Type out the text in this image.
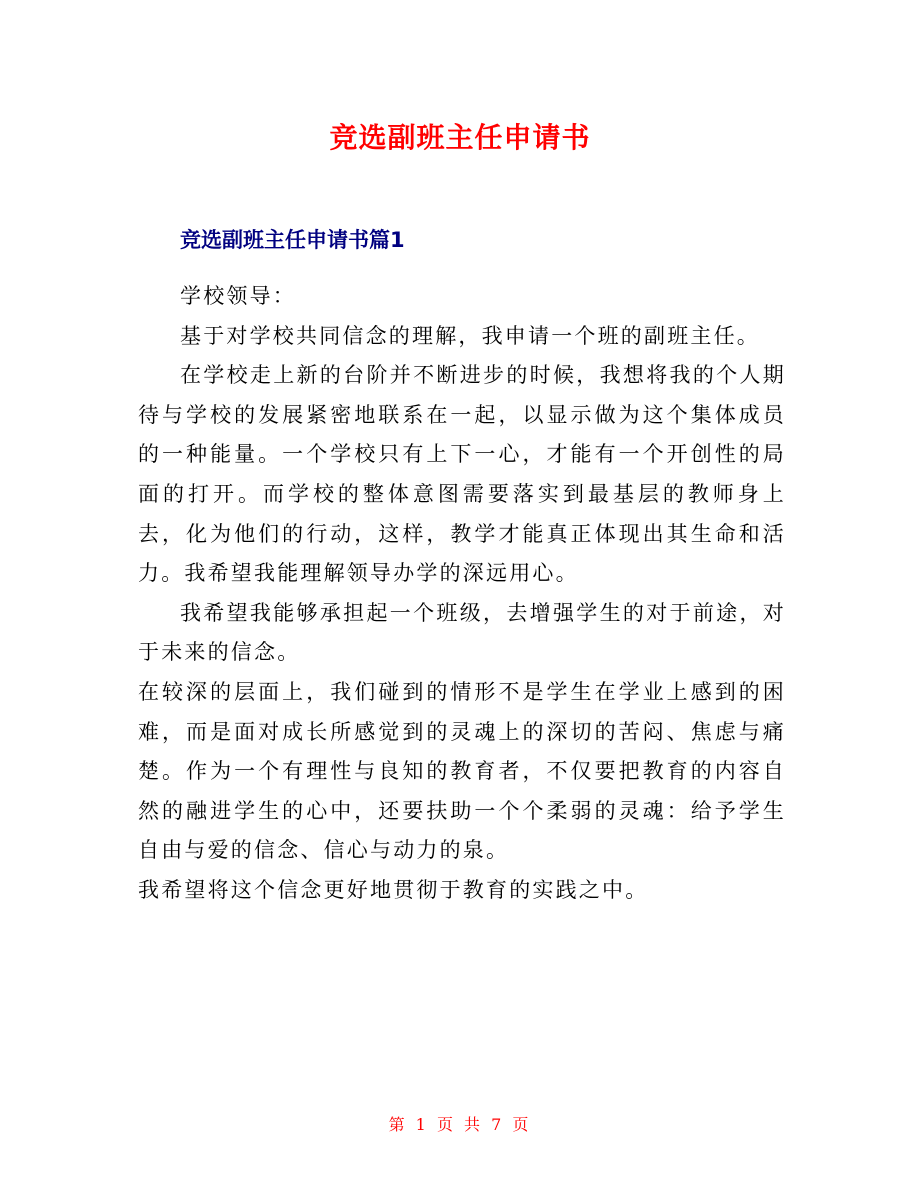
竞选副班主任申请书
竞选副班主任申请书篇1

学校领导：

基于对学校共同信念的理解，我申请一个班的副班主任。

在学校走上新的台阶并不断进步的时候，我想将我的个人期待与学校的发展紧密地联系在一起，以显示做为这个集体成员的一种能量。一个学校只有上下一心，才能有一个开创性的局面的打开。而学校的整体意图需要落实到最基层的教师身上去，化为他们的行动，这样，教学才能真正体现出其生命和活力。我希望我能理解领导办学的深远用心。

我希望我能够承担起一个班级，去增强学生的对于前途，对于未来的信念。

在较深的层面上，我们碰到的情形不是学生在学业上感到的困难，而是面对成长所感觉到的灵魂上的深切的苦闷、焦虑与痛楚。作为一个有理性与良知的教育者，不仅要把教育的内容自然的融进学生的心中，还要扶助一个个柔弱的灵魂：给予学生自由与爱的信念、信心与动力的泉。

我希望将这个信念更好地贯彻于教育的实践之中。

第 1 页 共 7 页
